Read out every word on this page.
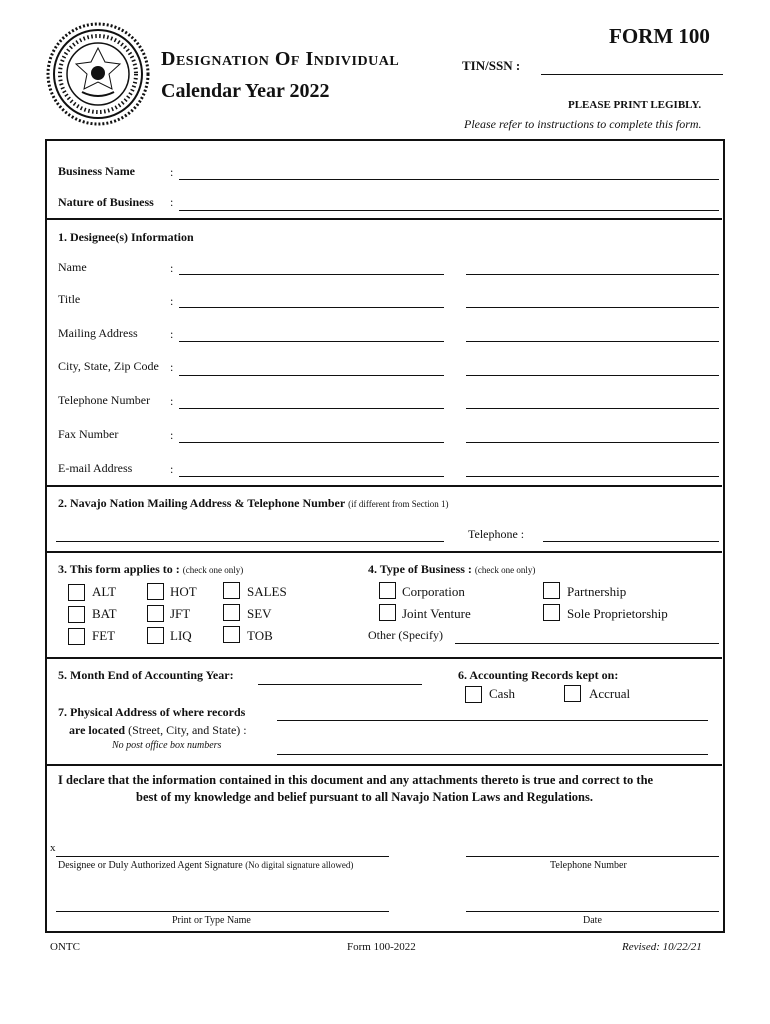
Designation Of Individual
Calendar Year 2022
FORM 100
TIN/SSN :
PLEASE PRINT LEGIBLY.
Please refer to instructions to complete this form.
Business Name	:
Nature of Business :
1. Designee(s) Information
Name	:
Title	:
Mailing Address	:
City, State, Zip Code :
Telephone Number :
Fax Number	:
E-mail Address	:
2. Navajo Nation Mailing Address & Telephone Number (if different from Section 1)
Telephone :
3. This form applies to : (check one only)
ALT	HOT	SALES
BAT	JFT	SEV
FET	LIQ	TOB
4. Type of Business : (check one only)
Corporation	Partnership
Joint Venture	Sole Proprietorship
Other (Specify)
5. Month End of Accounting Year:	6. Accounting Records kept on:
Cash	Accrual
7. Physical Address of where records
are located (Street, City, and State) :
No post office box numbers
I declare that the information contained in this document and any attachments thereto is true and correct to the
best of my knowledge and belief pursuant to all Navajo Nation Laws and Regulations.
x
Designee or Duly Authorized Agent Signature (No digital signature allowed)	Telephone Number
Print or Type Name	Date
ONTC	Form 100-2022	Revised: 10/22/21
